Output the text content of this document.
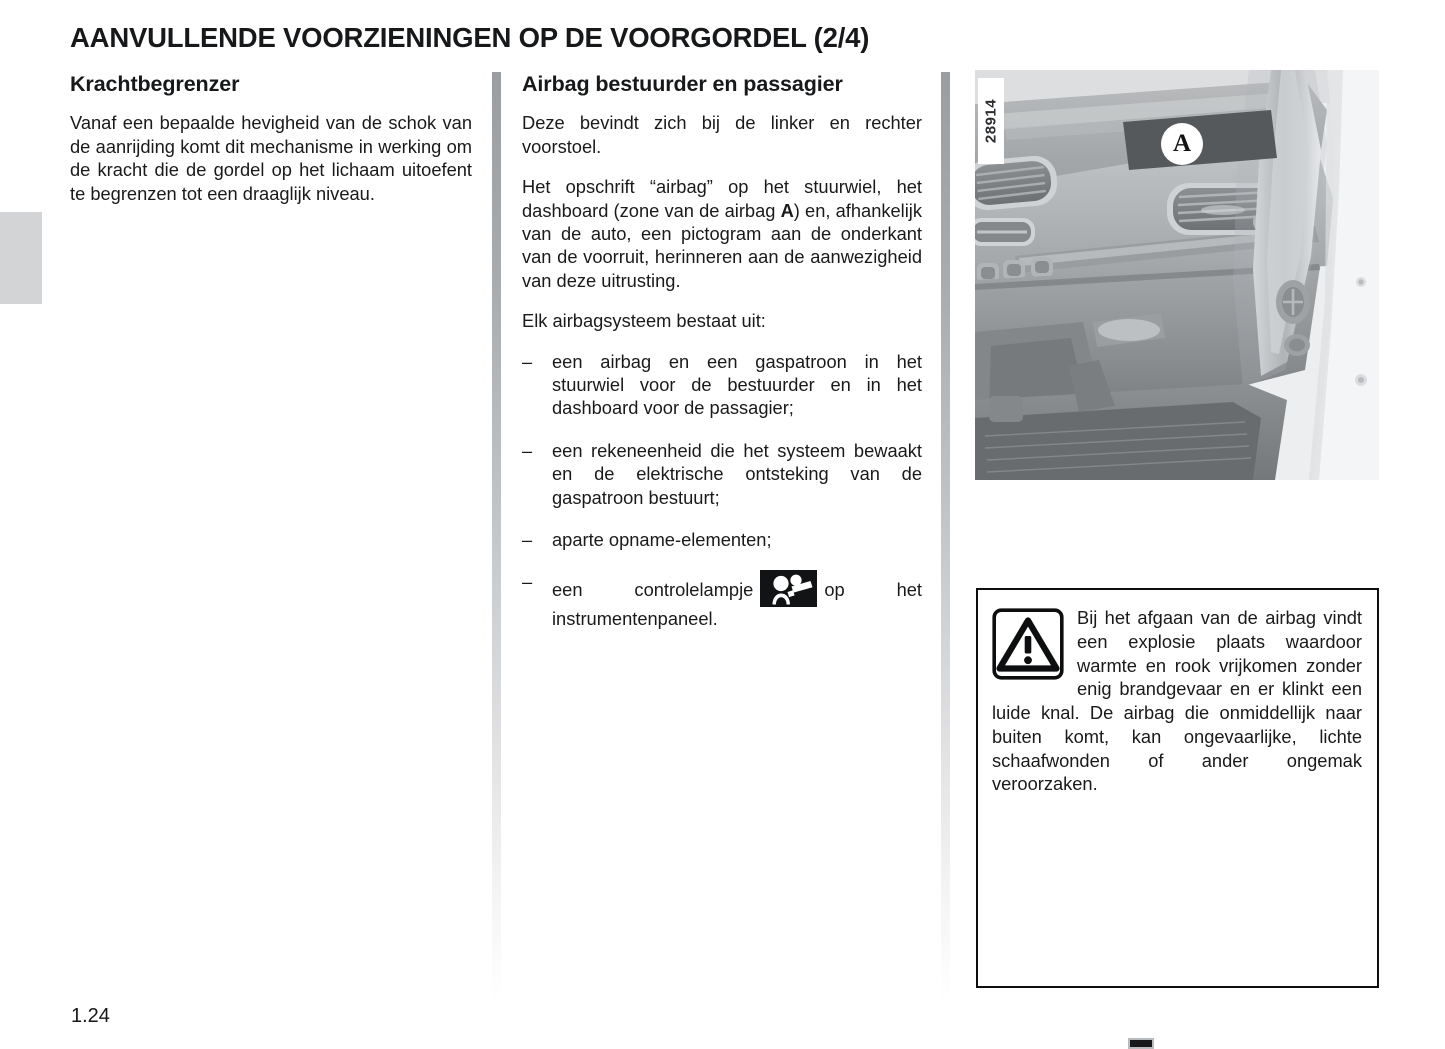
AANVULLENDE VOORZIENINGEN OP DE VOORGORDEL (2/4)
Krachtbegrenzer

Vanaf een bepaalde hevigheid van de schok van de aanrijding komt dit mechanisme in werking om de kracht die de gordel op het lichaam uitoefent te begrenzen tot een draaglijk niveau.

Airbag bestuurder en passagier

Deze bevindt zich bij de linker en rechter voorstoel.

Het opschrift “airbag” op het stuurwiel, het dashboard (zone van de airbag A) en, afhankelijk van de auto, een pictogram aan de onderkant van de voorruit, herinneren aan de aanwezigheid van deze uitrusting.

Elk airbagsysteem bestaat uit:

– een airbag en een gaspatroon in het stuurwiel voor de bestuurder en in het dashboard voor de passagier;
– een rekeneenheid die het systeem bewaakt en de elektrische ontsteking van de gaspatroon bestuurt;
– aparte opname-elementen;
– een controlelampje	op het instrumentenpaneel.
A
28914

Bij het afgaan van de airbag vindt een explosie plaats waardoor warmte en rook vrijkomen zonder enig brandgevaar en er klinkt een luide knal. De airbag die onmiddellijk naar buiten komt, kan ongevaarlijke, lichte schaafwonden of ander ongemak veroorzaken.

1.24
